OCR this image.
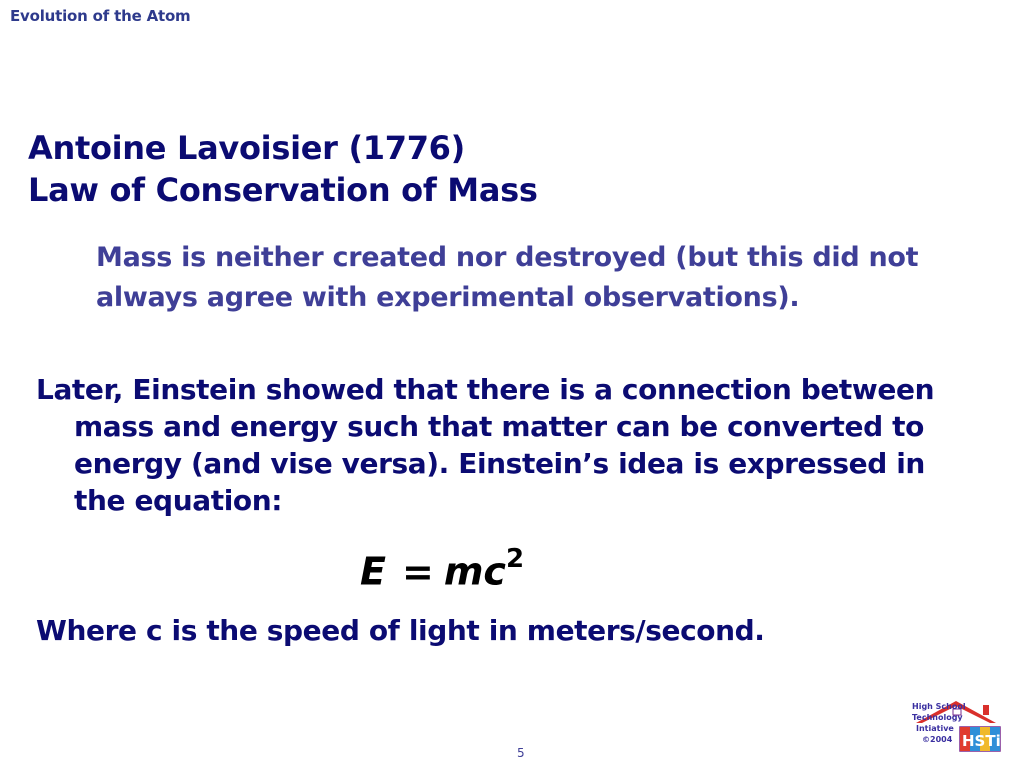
Evolution of the Atom
Antoine Lavoisier (1776)
Law of Conservation of Mass
Mass is neither created nor destroyed (but this did not always agree with experimental observations).
Later, Einstein showed that there is a connection between mass and energy such that matter can be converted to energy (and vise versa). Einstein’s idea is expressed in the equation:
$E = mc^2$
Where c is the speed of light in meters/second.
5
HSTi
High School
Technology
Intiative
©2004
